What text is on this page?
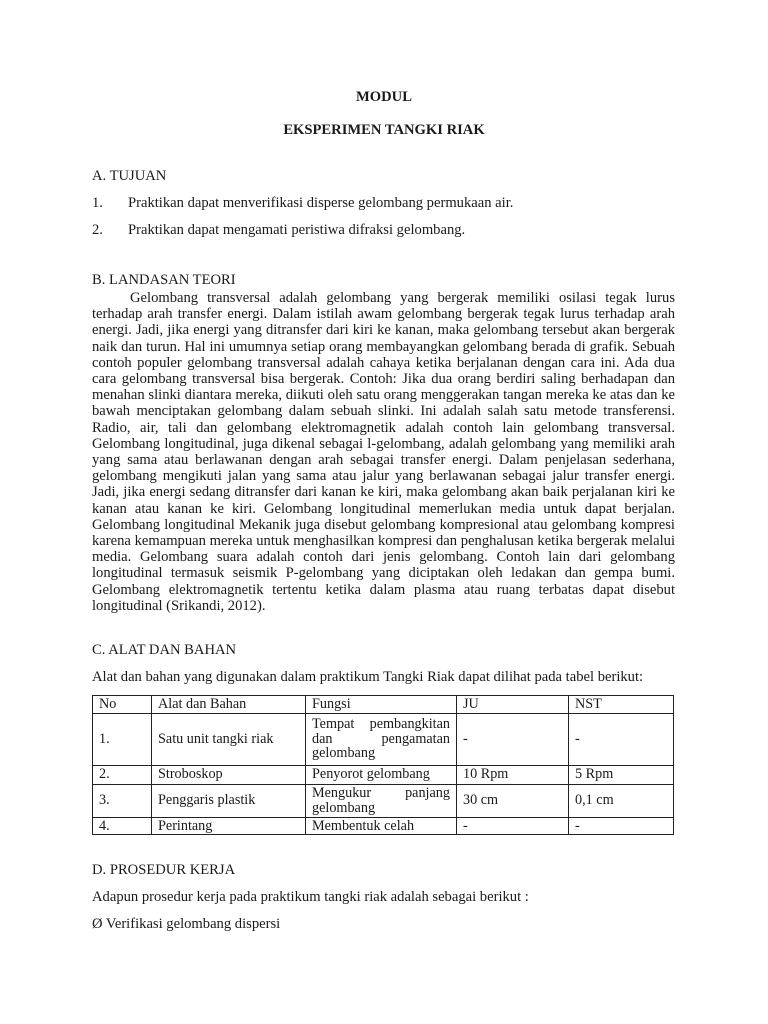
MODUL
EKSPERIMEN TANGKI RIAK
A. TUJUAN
1. Praktikan dapat menverifikasi disperse gelombang permukaan air.
2. Praktikan dapat mengamati peristiwa difraksi gelombang.
B. LANDASAN TEORI

Gelombang transversal adalah gelombang yang bergerak memiliki osilasi tegak lurus terhadap arah transfer energi. Dalam istilah awam gelombang bergerak tegak lurus terhadap arah energi. Jadi, jika energi yang ditransfer dari kiri ke kanan, maka gelombang tersebut akan bergerak naik dan turun. Hal ini umumnya setiap orang membayangkan gelombang berada di grafik. Sebuah contoh populer gelombang transversal adalah cahaya ketika berjalanan dengan cara ini. Ada dua cara gelombang transversal bisa bergerak. Contoh: Jika dua orang berdiri saling berhadapan dan menahan slinki diantara mereka, diikuti oleh satu orang menggerakan tangan mereka ke atas dan ke bawah menciptakan gelombang dalam sebuah slinki. Ini adalah salah satu metode transferensi. Radio, air, tali dan gelombang elektromagnetik adalah contoh lain gelombang transversal. Gelombang longitudinal, juga dikenal sebagai l-gelombang, adalah gelombang yang memiliki arah yang sama atau berlawanan dengan arah sebagai transfer energi. Dalam penjelasan sederhana, gelombang mengikuti jalan yang sama atau jalur yang berlawanan sebagai jalur transfer energi. Jadi, jika energi sedang ditransfer dari kanan ke kiri, maka gelombang akan baik perjalanan kiri ke kanan atau kanan ke kiri. Gelombang longitudinal memerlukan media untuk dapat berjalan. Gelombang longitudinal Mekanik juga disebut gelombang kompresional atau gelombang kompresi karena kemampuan mereka untuk menghasilkan kompresi dan penghalusan ketika bergerak melalui media. Gelombang suara adalah contoh dari jenis gelombang. Contoh lain dari gelombang longitudinal termasuk seismik P-gelombang yang diciptakan oleh ledakan dan gempa bumi. Gelombang elektromagnetik tertentu ketika dalam plasma atau ruang terbatas dapat disebut longitudinal (Srikandi, 2012).

C. ALAT DAN BAHAN
Alat dan bahan yang digunakan dalam praktikum Tangki Riak dapat dilihat pada tabel berikut:
No	Alat dan Bahan	Fungsi	JU	NST
1.	Satu unit tangki riak	Tempat pembangkitan dan pengamatan gelombang	-	-
2.	Stroboskop	Penyorot gelombang	10 Rpm	5 Rpm
3.	Penggaris plastik	Mengukur panjang gelombang	30 cm	0,1 cm
4.	Perintang	Membentuk celah	-	-
D. PROSEDUR KERJA
Adapun prosedur kerja pada praktikum tangki riak adalah sebagai berikut :
Ø Verifikasi gelombang dispersi
